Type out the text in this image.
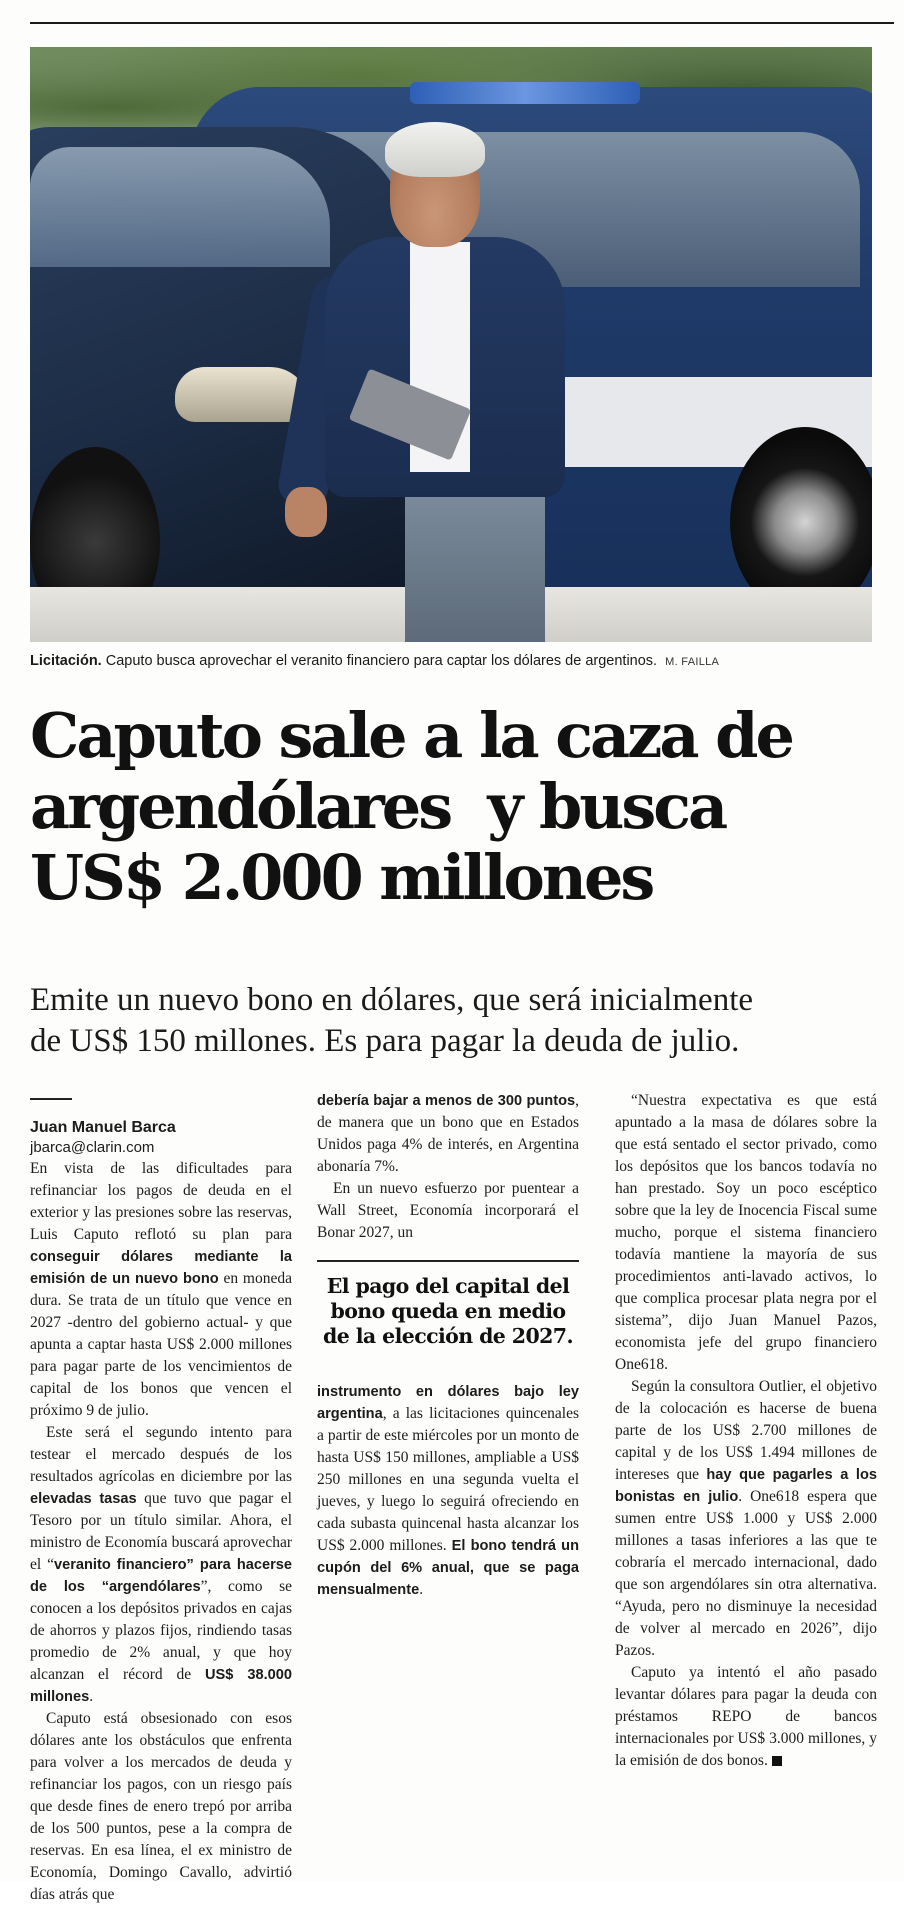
Licitación. Caputo busca aprovechar el veranito financiero para captar los dólares de argentinos. M. FAILLA
Caputo sale a la caza de
argendólares  y busca
US$ 2.000 millones

Emite un nuevo bono en dólares, que será inicialmente
de US$ 150 millones. Es para pagar la deuda de julio.

Juan Manuel Barca

jbarca@clarin.com

En vista de las dificultades para refinanciar los pagos de deuda en el exterior y las presiones sobre las reservas, Luis Caputo reflotó su plan para conseguir dólares mediante la emisión de un nuevo bono en moneda dura. Se trata de un título que vence en 2027 -dentro del gobierno actual- y que apunta a captar hasta US$ 2.000 millones para pagar parte de los vencimientos de capital de los bonos que vencen el próximo 9 de julio.

Este será el segundo intento para testear el mercado después de los resultados agrícolas en diciembre por las elevadas tasas que tuvo que pagar el Tesoro por un título similar. Ahora, el ministro de Economía buscará aprovechar el “veranito financiero” para hacerse de los “argendólares”, como se conocen a los depósitos privados en cajas de ahorros y plazos fijos, rindiendo tasas promedio de 2% anual, y que hoy alcanzan el récord de US$ 38.000 millones.

Caputo está obsesionado con esos dólares ante los obstáculos que enfrenta para volver a los mercados de deuda y refinanciar los pagos, con un riesgo país que desde fines de enero trepó por arriba de los 500 puntos, pese a la compra de reservas. En esa línea, el ex ministro de Economía, Domingo Cavallo, advirtió días atrás que

debería bajar a menos de 300 puntos, de manera que un bono que en Estados Unidos paga 4% de interés, en Argentina abonaría 7%.

En un nuevo esfuerzo por puentear a Wall Street, Economía incorporará el Bonar 2027, un

El pago del capital del bono queda en medio de la elección de 2027.

instrumento en dólares bajo ley argentina, a las licitaciones quincenales a partir de este miércoles por un monto de hasta US$ 150 millones, ampliable a US$ 250 millones en una segunda vuelta el jueves, y luego lo seguirá ofreciendo en cada subasta quincenal hasta alcanzar los US$ 2.000 millones. El bono tendrá un cupón del 6% anual, que se paga mensualmente.

“Nuestra expectativa es que está apuntado a la masa de dólares sobre la que está sentado el sector privado, como los depósitos que los bancos todavía no han prestado. Soy un poco escéptico sobre que la ley de Inocencia Fiscal sume mucho, porque el sistema financiero todavía mantiene la mayoría de sus procedimientos anti-lavado activos, lo que complica procesar plata negra por el sistema”, dijo Juan Manuel Pazos, economista jefe del grupo financiero One618.

Según la consultora Outlier, el objetivo de la colocación es hacerse de buena parte de los US$ 2.700 millones de capital y de los US$ 1.494 millones de intereses que hay que pagarles a los bonistas en julio. One618 espera que sumen entre US$ 1.000 y US$ 2.000 millones a tasas inferiores a las que te cobraría el mercado internacional, dado que son argendólares sin otra alternativa. “Ayuda, pero no disminuye la necesidad de volver al mercado en 2026”, dijo Pazos.

Caputo ya intentó el año pasado levantar dólares para pagar la deuda con préstamos REPO de bancos internacionales por US$ 3.000 millones, y la emisión de dos bonos.
